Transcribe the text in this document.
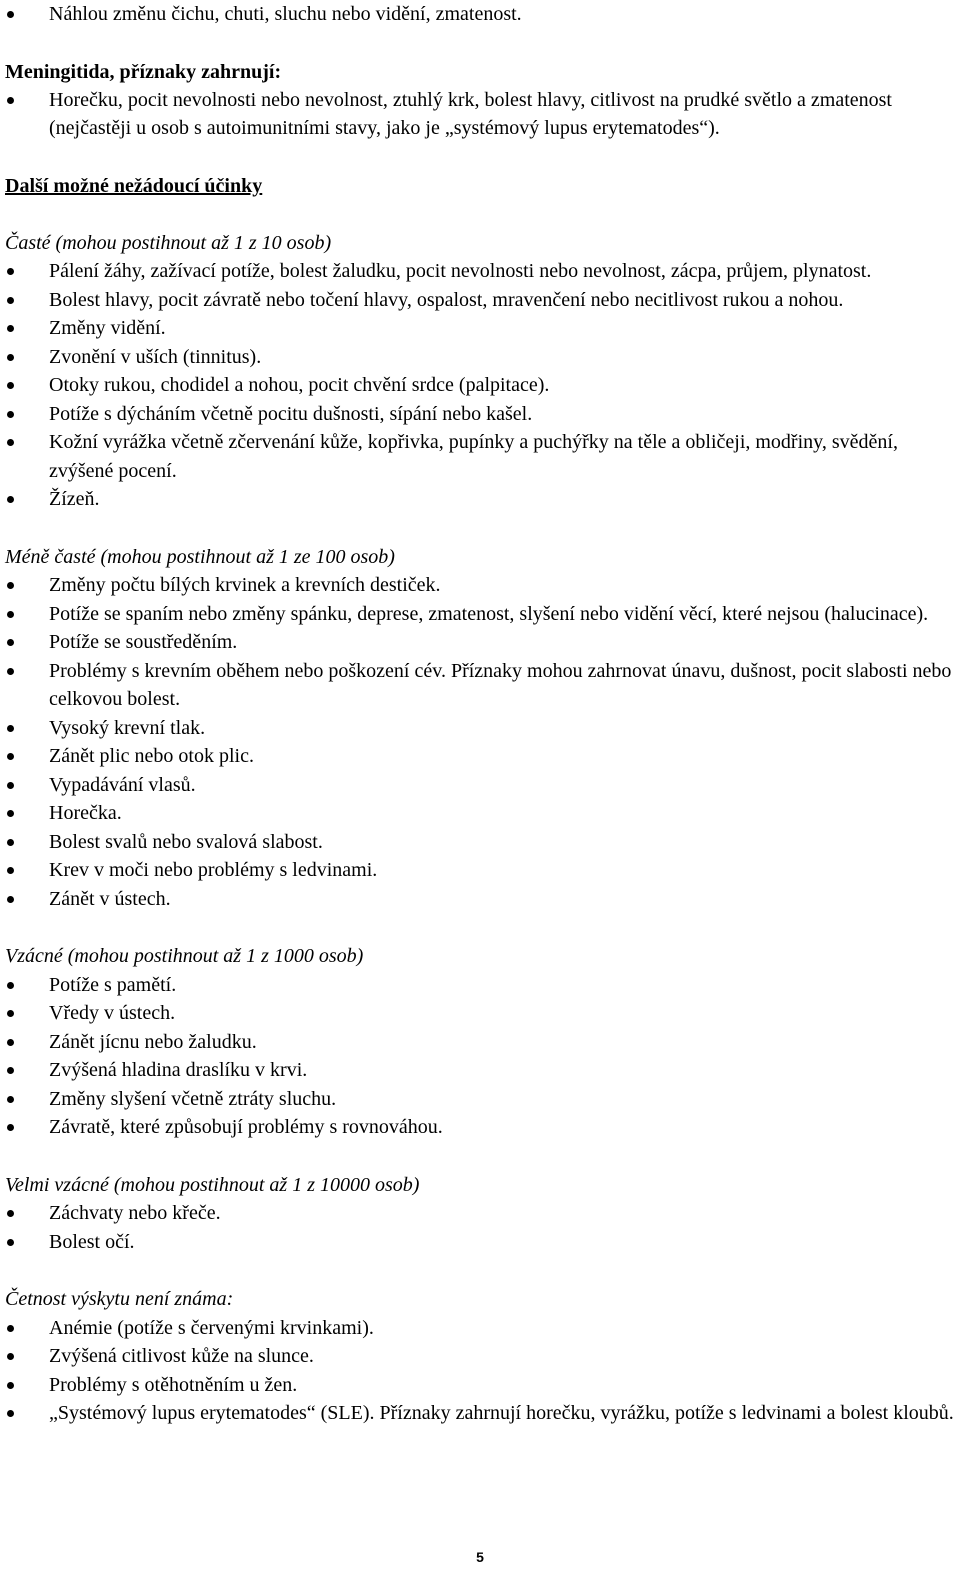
Náhlou změnu čichu, chuti, sluchu nebo vidění, zmatenost.
Meningitida, příznaky zahrnují:
Horečku, pocit nevolnosti nebo nevolnost, ztuhlý krk, bolest hlavy, citlivost na prudké světlo a zmatenost (nejčastěji u osob s autoimunitními stavy, jako je „systémový lupus erytematodes“).
Další možné nežádoucí účinky
Časté (mohou postihnout až 1 z 10 osob)
Pálení žáhy, zažívací potíže, bolest žaludku, pocit nevolnosti nebo nevolnost, zácpa, průjem, plynatost.
Bolest hlavy, pocit závratě nebo točení hlavy, ospalost, mravenčení nebo necitlivost rukou a nohou.
Změny vidění.
Zvonění v uších (tinnitus).
Otoky rukou, chodidel a nohou, pocit chvění srdce (palpitace).
Potíže s dýcháním včetně pocitu dušnosti, sípání nebo kašel.
Kožní vyrážka včetně zčervenání kůže, kopřivka, pupínky a puchýřky na těle a obličeji, modřiny, svědění, zvýšené pocení.
Žízeň.
Méně časté (mohou postihnout až 1 ze 100 osob)
Změny počtu bílých krvinek a krevních destiček.
Potíže se spaním nebo změny spánku, deprese, zmatenost, slyšení nebo vidění věcí, které nejsou (halucinace).
Potíže se soustředěním.
Problémy s krevním oběhem nebo poškození cév. Příznaky mohou zahrnovat únavu, dušnost, pocit slabosti nebo celkovou bolest.
Vysoký krevní tlak.
Zánět plic nebo otok plic.
Vypadávání vlasů.
Horečka.
Bolest svalů nebo svalová slabost.
Krev v moči nebo problémy s ledvinami.
Zánět v ústech.
Vzácné (mohou postihnout až 1 z 1000 osob)
Potíže s pamětí.
Vředy v ústech.
Zánět jícnu nebo žaludku.
Zvýšená hladina draslíku v krvi.
Změny slyšení včetně ztráty sluchu.
Závratě, které způsobují problémy s rovnováhou.
Velmi vzácné (mohou postihnout až 1 z 10000 osob)
Záchvaty nebo křeče.
Bolest očí.
Četnost výskytu není známa:
Anémie (potíže s červenými krvinkami).
Zvýšená citlivost kůže na slunce.
Problémy s otěhotněním u žen.
„Systémový lupus erytematodes“ (SLE). Příznaky zahrnují horečku, vyrážku, potíže s ledvinami a bolest kloubů.
5
